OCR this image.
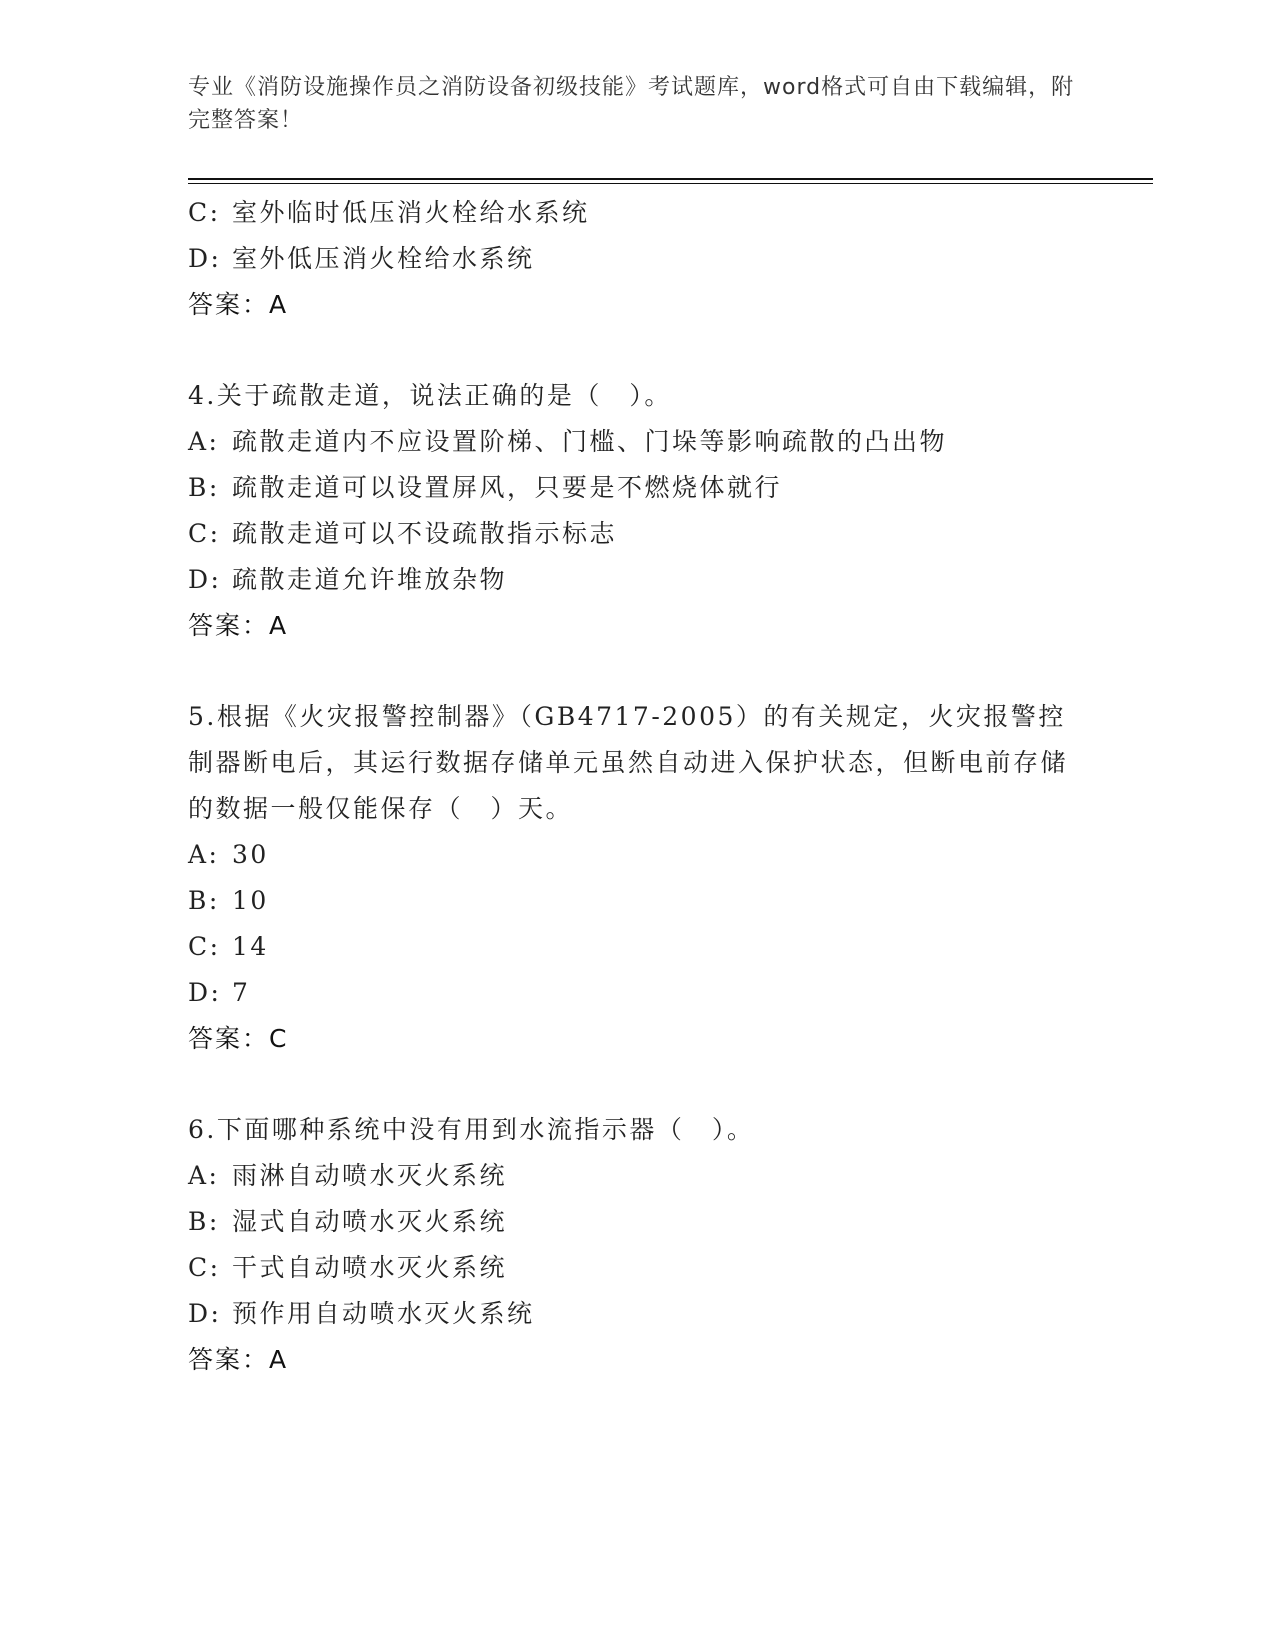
专业《消防设施操作员之消防设备初级技能》考试题库，word格式可自由下载编辑，附完整答案！
C: 室外临时低压消火栓给水系统
D: 室外低压消火栓给水系统
答案：A
4.关于疏散走道，说法正确的是（　）。
A: 疏散走道内不应设置阶梯、门槛、门垛等影响疏散的凸出物
B: 疏散走道可以设置屏风，只要是不燃烧体就行
C: 疏散走道可以不设疏散指示标志
D: 疏散走道允许堆放杂物
答案：A
5.根据《火灾报警控制器》（GB4717-2005）的有关规定，火灾报警控制器断电后，其运行数据存储单元虽然自动进入保护状态，但断电前存储的数据一般仅能保存（　）天。
A: 30
B: 10
C: 14
D: 7
答案：C
6.下面哪种系统中没有用到水流指示器（　）。
A: 雨淋自动喷水灭火系统
B: 湿式自动喷水灭火系统
C: 干式自动喷水灭火系统
D: 预作用自动喷水灭火系统
答案：A
